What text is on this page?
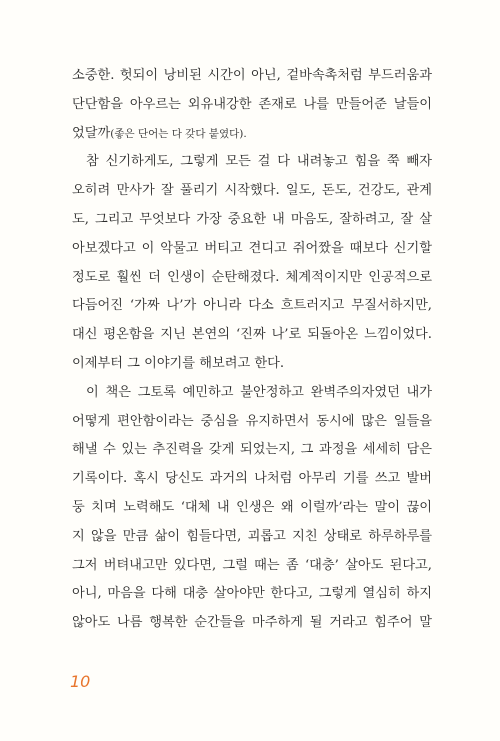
소중한. 헛되이 낭비된 시간이 아닌, 겉바속촉처럼 부드러움과
단단함을 아우르는 외유내강한 존재로 나를 만들어준 날들이
었달까(좋은 단어는 다 갖다 붙였다).
참 신기하게도, 그렇게 모든 걸 다 내려놓고 힘을 쭉 빼자
오히려 만사가 잘 풀리기 시작했다. 일도, 돈도, 건강도, 관계
도, 그리고 무엇보다 가장 중요한 내 마음도, 잘하려고, 잘 살
아보겠다고 이 악물고 버티고 견디고 쥐어짰을 때보다 신기할
정도로 훨씬 더 인생이 순탄해졌다. 체계적이지만 인공적으로
다듬어진 ‘가짜 나’가 아니라 다소 흐트러지고 무질서하지만,
대신 평온함을 지닌 본연의 ‘진짜 나’로 되돌아온 느낌이었다.
이제부터 그 이야기를 해보려고 한다.
이 책은 그토록 예민하고 불안정하고 완벽주의자였던 내가
어떻게 편안함이라는 중심을 유지하면서 동시에 많은 일들을
해낼 수 있는 추진력을 갖게 되었는지, 그 과정을 세세히 담은
기록이다. 혹시 당신도 과거의 나처럼 아무리 기를 쓰고 발버
둥 치며 노력해도 ‘대체 내 인생은 왜 이럴까’라는 말이 끊이
지 않을 만큼 삶이 힘들다면, 괴롭고 지친 상태로 하루하루를
그저 버텨내고만 있다면, 그럴 때는 좀 ‘대충’ 살아도 된다고,
아니, 마음을 다해 대충 살아야만 한다고, 그렇게 열심히 하지
않아도 나름 행복한 순간들을 마주하게 될 거라고 힘주어 말
10
